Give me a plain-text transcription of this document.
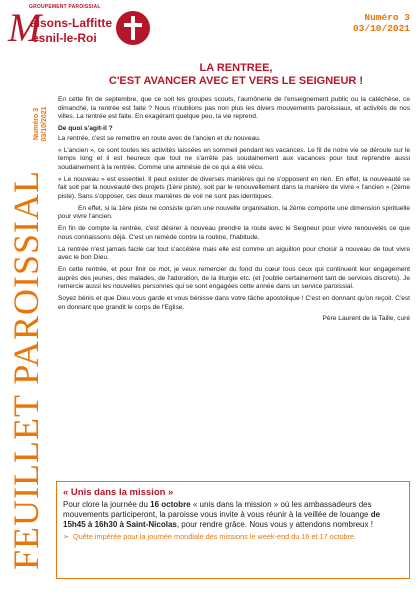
GROUPEMENT PAROISSIAL
M
aisons-Laffitte
esnil-le-Roi
Numéro 3
03/10/2021
Numéro 3 03/10/2021
FEUILLET PAROISSIAL
LA RENTREE,
C'EST AVANCER AVEC ET VERS LE SEIGNEUR !

En cette fin de septembre, que ce soit les groupes scouts, l'aumônerie de l'enseignement public ou la catéchèse, ce dimanche, la rentrée est faite ? Nous n'oublions pas non plus les divers mouvements paroissiaux, et activités de nos villes. La rentrée est faite. En exagérant quelque peu, la vie reprend.

De quoi s'agit-il ?

La rentrée, c'est se remettre en route avec de l'ancien et du nouveau.

« L'ancien », ce sont toutes les activités laissées en sommeil pendant les vacances. Le fil de notre vie se déroule sur le temps long et il est heureux que tout ne s'arrête pas soudainement aux vacances pour tout reprendre aussi soudainement à la rentrée. Comme une amnésie de ce qui a été vécu.

« Le nouveau » est essentiel. Il peut exister de diverses manières qui ne s'opposent en rien. En effet, la nouveauté se fait soit par la nouveauté des projets (1ère piste), soit par le renouvellement dans la manière de vivre « l'ancien » (2ème piste). Sans s'opposer, ces deux manières de voir ne sont pas identiques.

En effet, si la 1ère piste ne consiste qu'en une nouvelle organisation, la 2ème comporte une dimension spirituelle pour vivre l'ancien.

En fin de compte la rentrée, c'est désirer à nouveau prendre la route avec le Seigneur pour vivre renouvelés ce que nous connaissons déjà. C'est un remède contre la routine, l'habitude.

La rentrée n'est jamais facile car tout s'accélère mais elle est comme un aiguillon pour choisir à nouveau de tout vivre avec le bon Dieu.

En cette rentrée, et pour finir ce mot, je veux remercier du fond du cœur tous ceux qui continuent leur engagement auprès des jeunes, des malades, de l'adoration, de la liturgie etc. (et j'oublie certainement tant de services discrets). Je remercie aussi les nouvelles personnes qui se sont engagées cette année dans un service paroissial.

Soyez bénis et que Dieu vous garde et vous bénisse dans votre tâche apostolique ! C'est en donnant qu'on reçoit. C'est en donnant que grandit le corps de l'Eglise.

Père Laurent de la Taille, curé

« Unis dans la mission »
Pour clore la journée du 16 octobre « unis dans la mission » où les ambassadeurs des mouvements participeront, la paroisse vous invite à vous réunir à la veillée de louange de 15h45 à 16h30 à Saint-Nicolas, pour rendre grâce. Nous vous y attendons nombreux !
➢ Quête impérée pour la journée mondiale des missions le week-end du 16 et 17 octobre.
